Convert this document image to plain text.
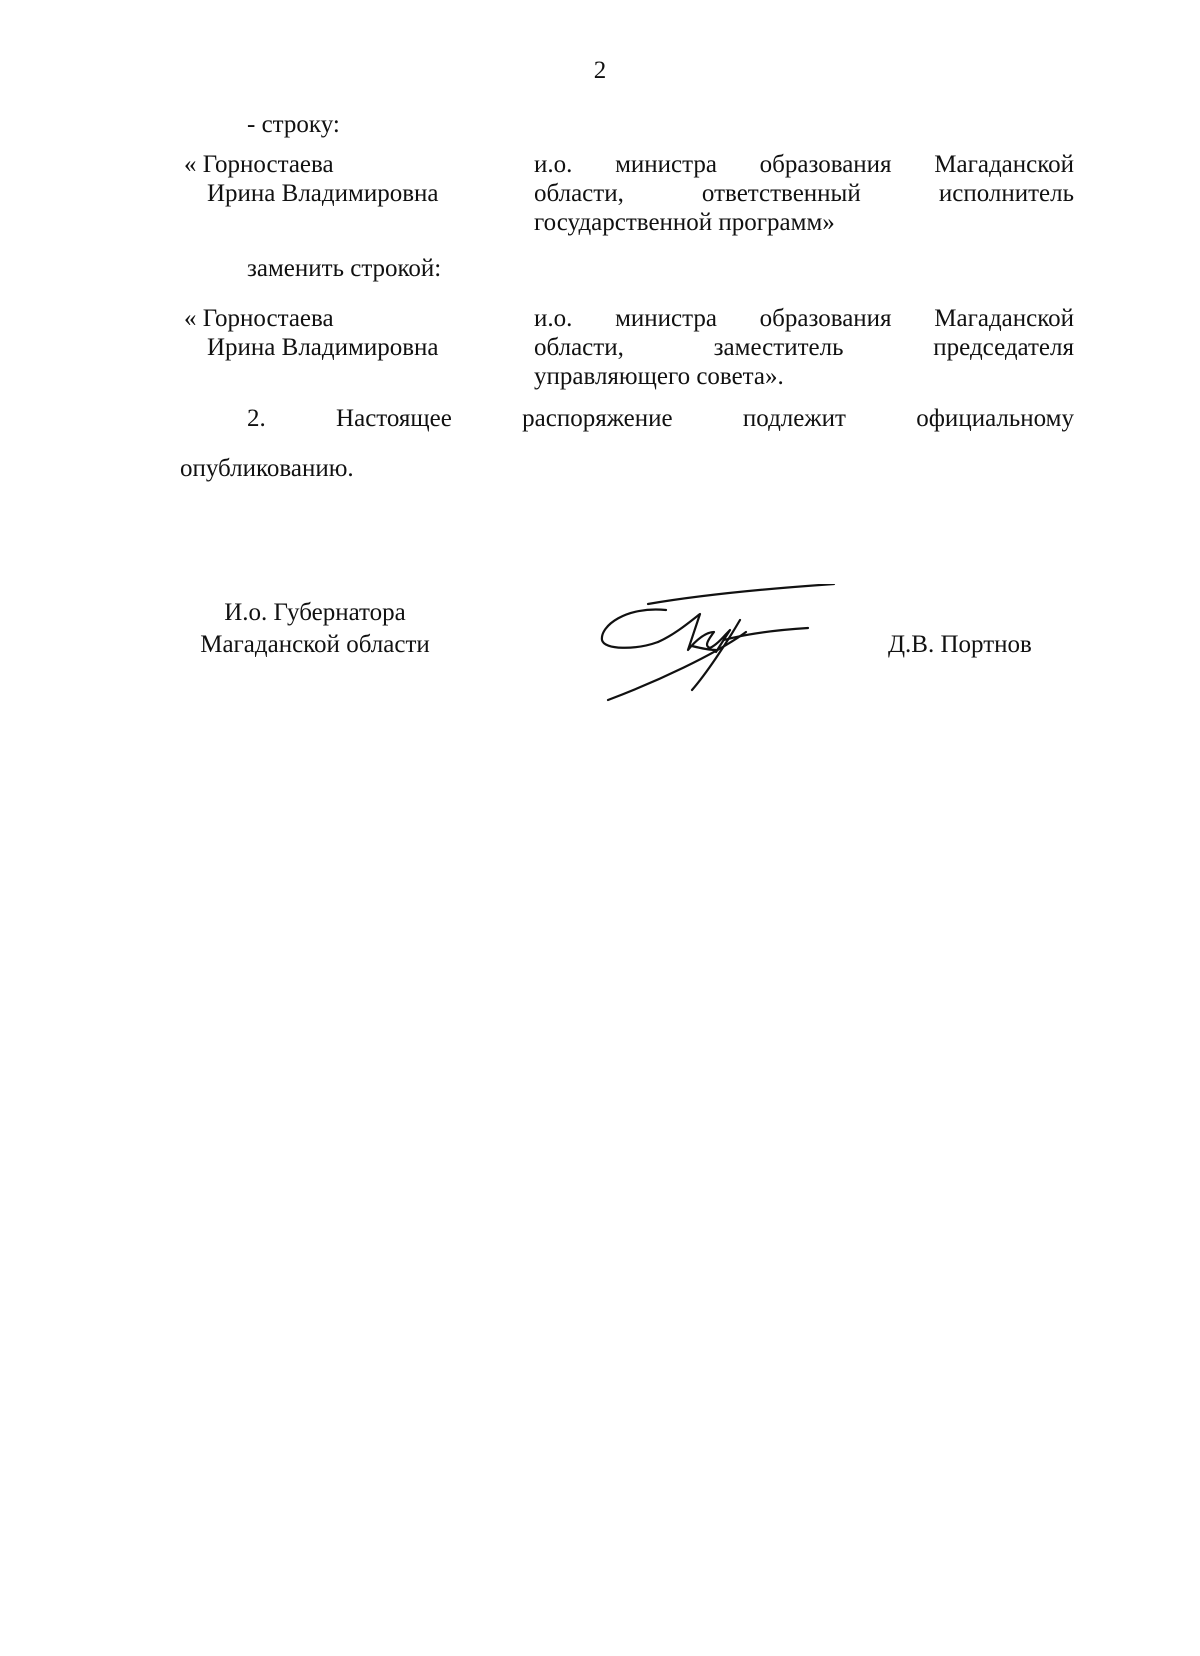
2
- строку:
« Горностаева
Ирина Владимировна
и.о. министра образования Магаданской
области, ответственный исполнитель
государственной программ»
заменить строкой:
« Горностаева
Ирина Владимировна
и.о. министра образования Магаданской
области, заместитель председателя
управляющего совета».
2. Настоящее распоряжение подлежит официальному
опубликованию.
И.о. Губернатора
Магаданской области	Д.В. Портнов
